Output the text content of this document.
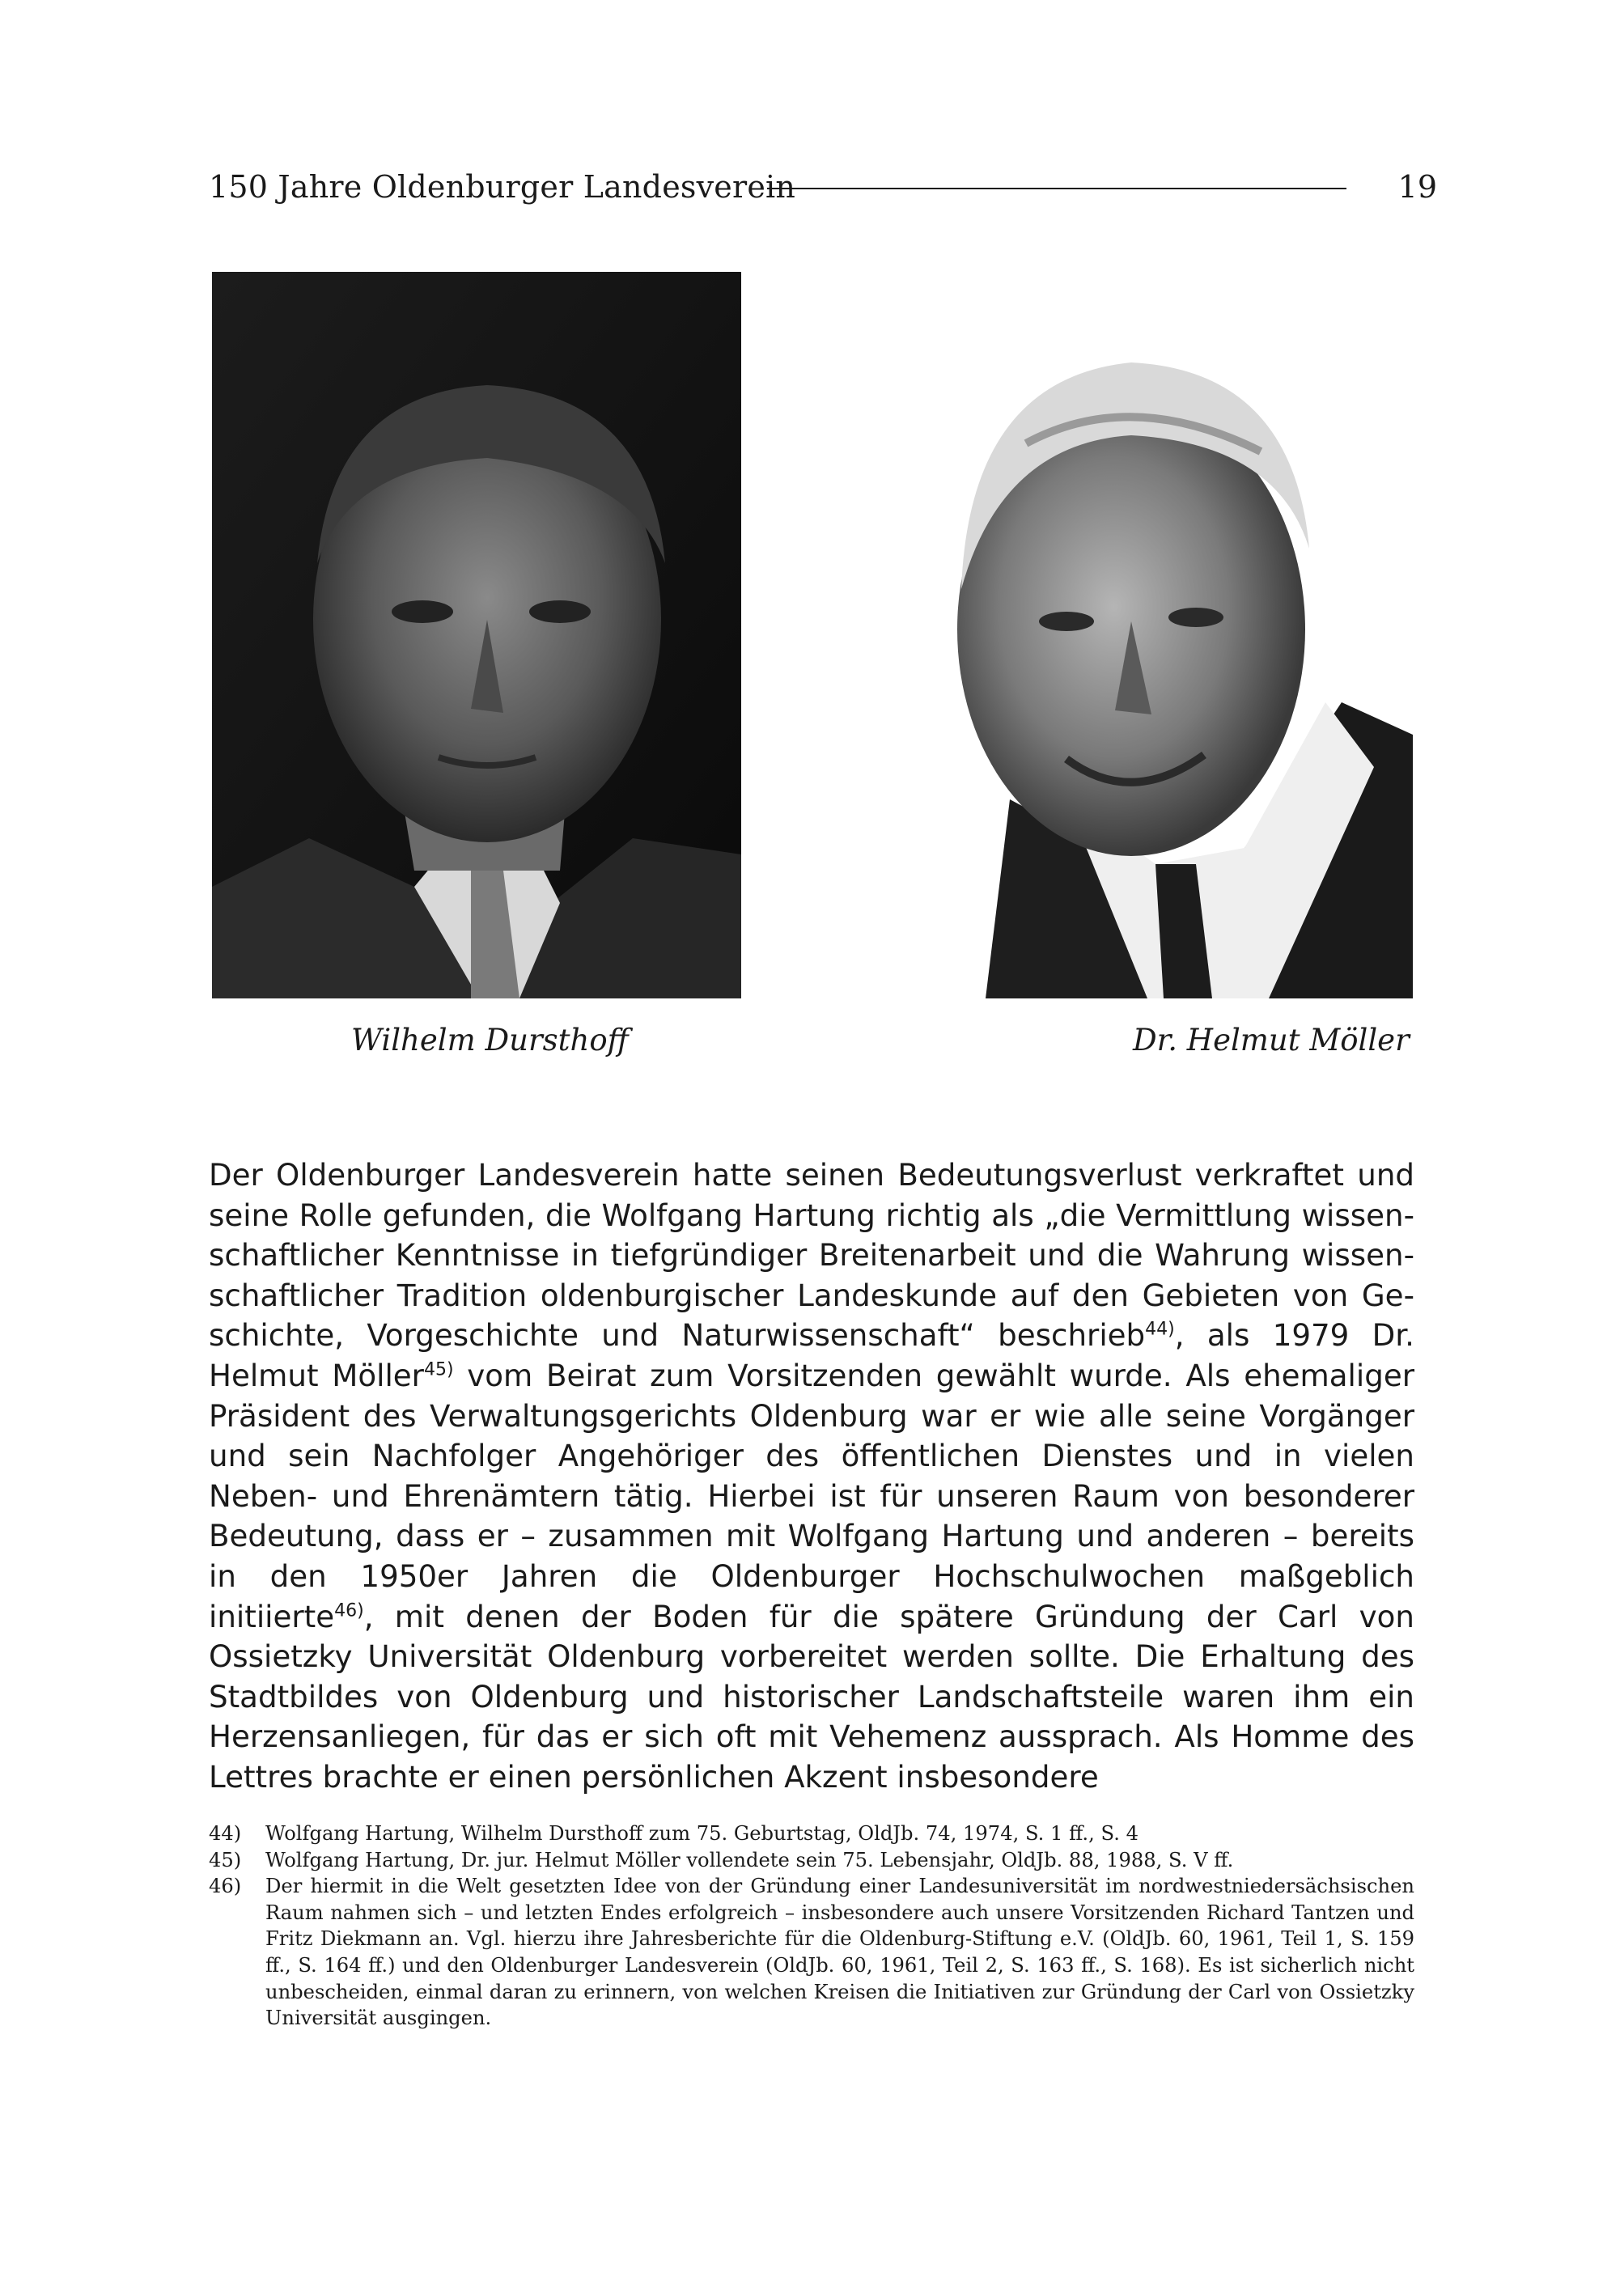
150 Jahre Oldenburger Landesverein	19
Wilhelm Dursthoff	Dr. Helmut Möller
Der Oldenburger Landesverein hatte seinen Bedeutungsverlust verkraftet und seine Rolle gefunden, die Wolfgang Hartung richtig als „die Vermittlung wissenschaftlicher Kenntnisse in tiefgründiger Breitenarbeit und die Wahrung wissenschaftlicher Tradition oldenburgischer Landeskunde auf den Gebieten von Geschichte, Vorgeschichte und Naturwissenschaft“ beschrieb$^{44)}$, als 1979 Dr. Helmut Möller$^{45)}$ vom Beirat zum Vorsitzenden gewählt wurde. Als ehemaliger Präsident des Verwaltungsgerichts Oldenburg war er wie alle seine Vorgänger und sein Nachfolger Angehöriger des öffentlichen Dienstes und in vielen Neben- und Ehrenämtern tätig. Hierbei ist für unseren Raum von besonderer Bedeutung, dass er – zusammen mit Wolfgang Hartung und anderen – bereits in den 1950er Jahren die Oldenburger Hochschulwochen maßgeblich initiierte$^{46)}$, mit denen der Boden für die spätere Gründung der Carl von Ossietzky Universität Oldenburg vorbereitet werden sollte. Die Erhaltung des Stadtbildes von Oldenburg und historischer Landschaftsteile waren ihm ein Herzensanliegen, für das er sich oft mit Vehemenz aussprach. Als Homme des Lettres brachte er einen persönlichen Akzent insbesondere
44) Wolfgang Hartung, Wilhelm Dursthoff zum 75. Geburtstag, OldJb. 74, 1974, S. 1 ff., S. 4
45) Wolfgang Hartung, Dr. jur. Helmut Möller vollendete sein 75. Lebensjahr, OldJb. 88, 1988, S. V ff.
46) Der hiermit in die Welt gesetzten Idee von der Gründung einer Landesuniversität im nordwestniedersächsischen Raum nahmen sich – und letzten Endes erfolgreich – insbesondere auch unsere Vorsitzenden Richard Tantzen und Fritz Diekmann an. Vgl. hierzu ihre Jahresberichte für die Oldenburg-Stiftung e.V. (OldJb. 60, 1961, Teil 1, S. 159 ff., S. 164 ff.) und den Oldenburger Landesverein (OldJb. 60, 1961, Teil 2, S. 163 ff., S. 168). Es ist sicherlich nicht unbescheiden, einmal daran zu erinnern, von welchen Kreisen die Initiativen zur Gründung der Carl von Ossietzky Universität ausgingen.
